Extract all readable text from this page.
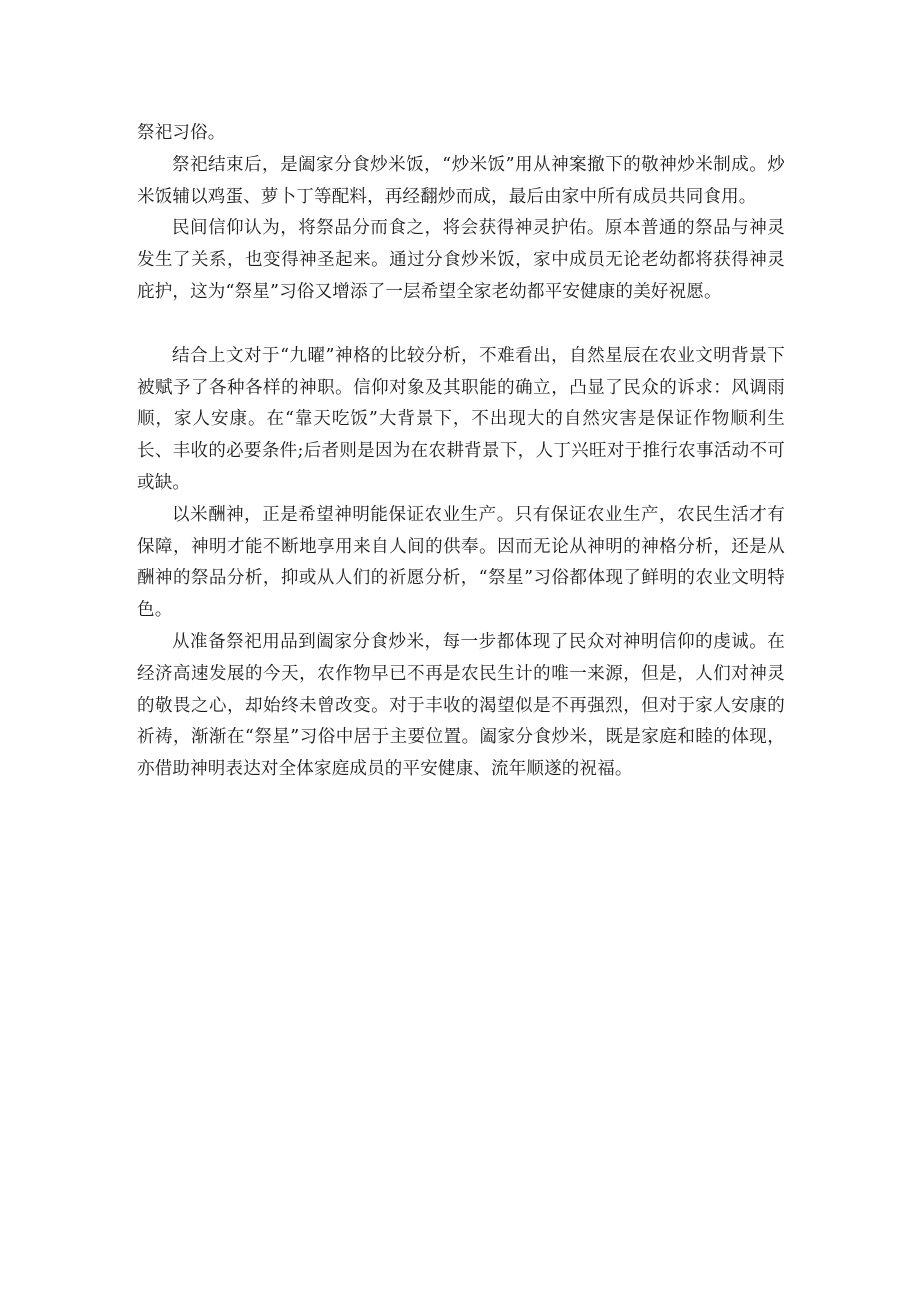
祭祀习俗。

祭祀结束后，是阖家分食炒米饭，“炒米饭”用从神案撤下的敬神炒米制成。炒米饭辅以鸡蛋、萝卜丁等配料，再经翻炒而成，最后由家中所有成员共同食用。

民间信仰认为，将祭品分而食之，将会获得神灵护佑。原本普通的祭品与神灵发生了关系，也变得神圣起来。通过分食炒米饭，家中成员无论老幼都将获得神灵庇护，这为“祭星”习俗又增添了一层希望全家老幼都平安健康的美好祝愿。

结合上文对于“九曜”神格的比较分析，不难看出，自然星辰在农业文明背景下被赋予了各种各样的神职。信仰对象及其职能的确立，凸显了民众的诉求：风调雨顺，家人安康。在“靠天吃饭”大背景下，不出现大的自然灾害是保证作物顺利生长、丰收的必要条件;后者则是因为在农耕背景下，人丁兴旺对于推行农事活动不可或缺。

以米酬神，正是希望神明能保证农业生产。只有保证农业生产，农民生活才有保障，神明才能不断地享用来自人间的供奉。因而无论从神明的神格分析，还是从酬神的祭品分析，抑或从人们的祈愿分析，“祭星”习俗都体现了鲜明的农业文明特色。

从准备祭祀用品到阖家分食炒米，每一步都体现了民众对神明信仰的虔诚。在经济高速发展的今天，农作物早已不再是农民生计的唯一来源，但是，人们对神灵的敬畏之心，却始终未曾改变。对于丰收的渴望似是不再强烈，但对于家人安康的祈祷，渐渐在“祭星”习俗中居于主要位置。阖家分食炒米，既是家庭和睦的体现，亦借助神明表达对全体家庭成员的平安健康、流年顺遂的祝福。
